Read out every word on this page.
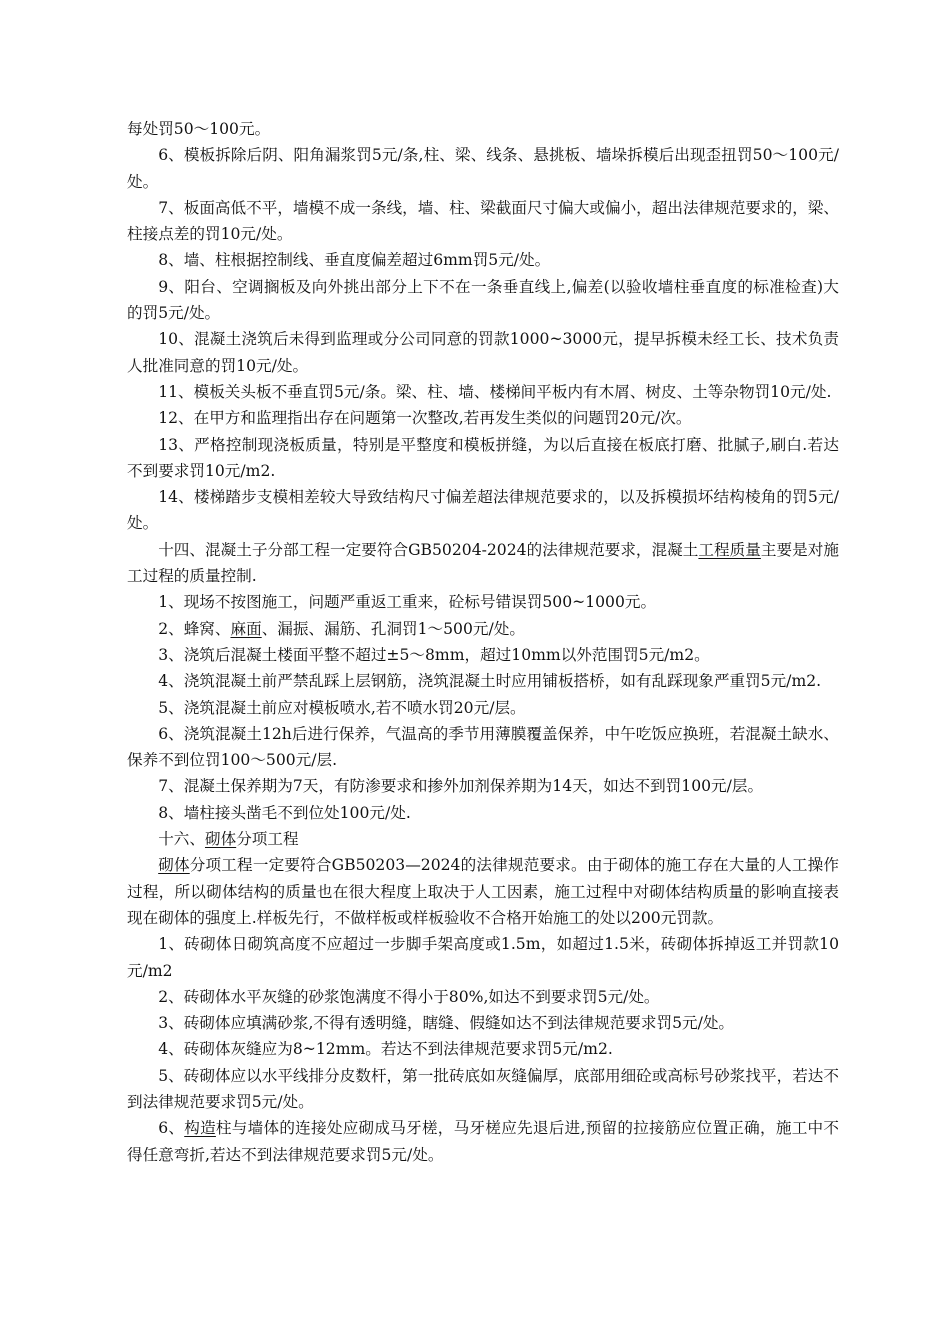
每处罚50～100元。

6、模板拆除后阴、阳角漏浆罚5元/条,柱、梁、线条、悬挑板、墙垛拆模后出现歪扭罚50～100元/处。

7、板面高低不平，墙模不成一条线，墙、柱、梁截面尺寸偏大或偏小，超出法律规范要求的，梁、柱接点差的罚10元/处。

8、墙、柱根据控制线、垂直度偏差超过6mm罚5元/处。

9、阳台、空调搁板及向外挑出部分上下不在一条垂直线上,偏差(以验收墙柱垂直度的标准检查)大的罚5元/处。

10、混凝土浇筑后未得到监理或分公司同意的罚款1000~3000元，提早拆模未经工长、技术负责人批准同意的罚10元/处。

11、模板关头板不垂直罚5元/条。梁、柱、墙、楼梯间平板内有木屑、树皮、土等杂物罚10元/处.

12、在甲方和监理指出存在问题第一次整改,若再发生类似的问题罚20元/次。

13、严格控制现浇板质量，特别是平整度和模板拼缝，为以后直接在板底打磨、批腻子,刷白.若达不到要求罚10元/m2.

14、楼梯踏步支模相差较大导致结构尺寸偏差超法律规范要求的，以及拆模损坏结构棱角的罚5元/处。

十四、混凝土子分部工程一定要符合GB50204-2024的法律规范要求，混凝土工程质量主要是对施工过程的质量控制.

1、现场不按图施工，问题严重返工重来，砼标号错误罚500~1000元。

2、蜂窝、麻面、漏振、漏筋、孔洞罚1～500元/处。

3、浇筑后混凝土楼面平整不超过±5～8mm，超过10mm以外范围罚5元/m2。

4、浇筑混凝土前严禁乱踩上层钢筋，浇筑混凝土时应用铺板搭桥，如有乱踩现象严重罚5元/m2.

5、浇筑混凝土前应对模板喷水,若不喷水罚20元/层。

6、浇筑混凝土12h后进行保养，气温高的季节用薄膜覆盖保养，中午吃饭应换班，若混凝土缺水、保养不到位罚100～500元/层.

7、混凝土保养期为7天，有防渗要求和掺外加剂保养期为14天，如达不到罚100元/层。

8、墙柱接头凿毛不到位处100元/处.

十六、砌体分项工程

砌体分项工程一定要符合GB50203—2024的法律规范要求。由于砌体的施工存在大量的人工操作过程，所以砌体结构的质量也在很大程度上取决于人工因素，施工过程中对砌体结构质量的影响直接表现在砌体的强度上.样板先行，不做样板或样板验收不合格开始施工的处以200元罚款。

1、砖砌体日砌筑高度不应超过一步脚手架高度或1.5m，如超过1.5米，砖砌体拆掉返工并罚款10元/m2

2、砖砌体水平灰缝的砂浆饱满度不得小于80%,如达不到要求罚5元/处。

3、砖砌体应填满砂浆,不得有透明缝，瞎缝、假缝如达不到法律规范要求罚5元/处。

4、砖砌体灰缝应为8~12mm。若达不到法律规范要求罚5元/m2.

5、砖砌体应以水平线排分皮数杆，第一批砖底如灰缝偏厚，底部用细砼或高标号砂浆找平，若达不到法律规范要求罚5元/处。

6、构造柱与墙体的连接处应砌成马牙槎，马牙槎应先退后进,预留的拉接筋应位置正确，施工中不得任意弯折,若达不到法律规范要求罚5元/处。
